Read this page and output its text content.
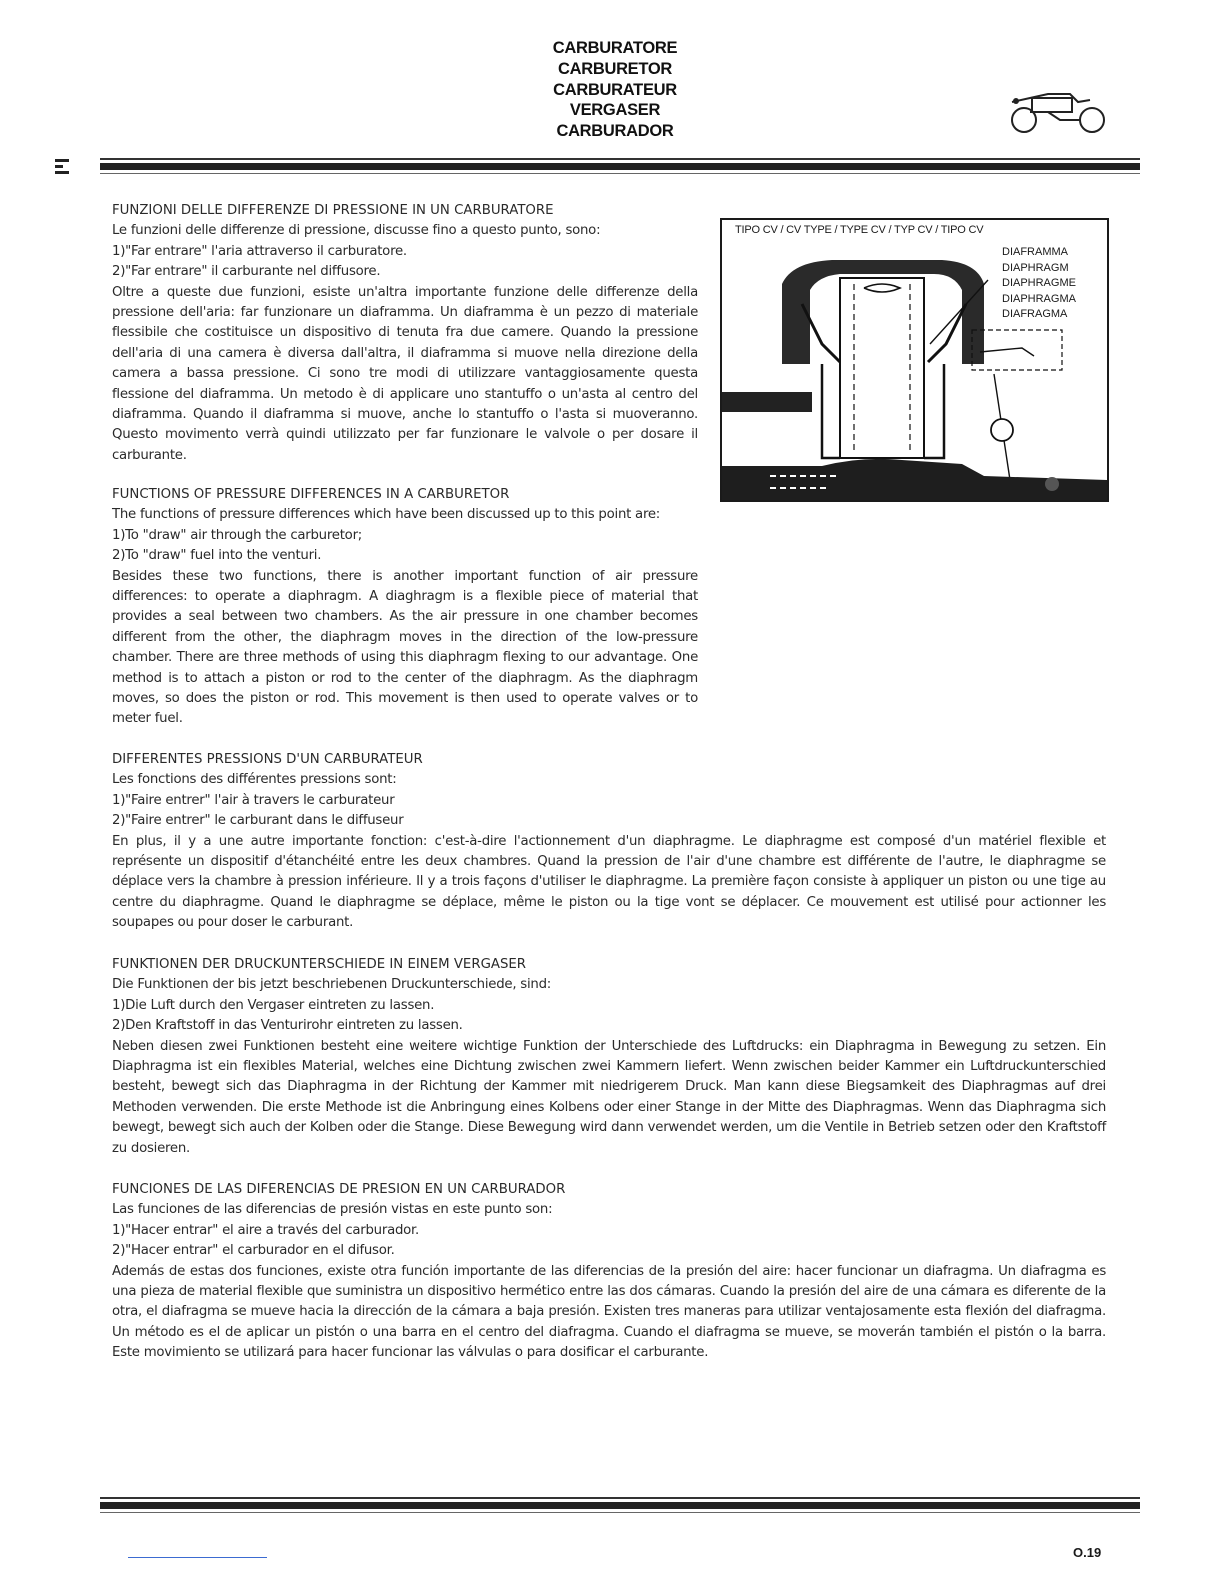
CARBURATORE
CARBURETOR
CARBURATEUR
VERGASER
CARBURADOR
FUNZIONI DELLE DIFFERENZE DI PRESSIONE IN UN CARBURATORE
Le funzioni delle differenze di pressione, discusse fino a questo punto, sono:
1)"Far entrare" l'aria attraverso il carburatore.
2)"Far entrare" il carburante nel diffusore.

Oltre a queste due funzioni, esiste un'altra importante funzione delle differenze della pressione dell'aria: far funzionare un diaframma. Un diaframma è un pezzo di materiale flessibile che costituisce un dispositivo di tenuta fra due camere. Quando la pressione dell'aria di una camera è diversa dall'altra, il diaframma si muove nella direzione della camera a bassa pressione. Ci sono tre modi di utilizzare vantaggiosamente questa flessione del diaframma. Un metodo è di applicare uno stantuffo o un'asta al centro del diaframma. Quando il diaframma si muove, anche lo stantuffo o l'asta si muoveranno. Questo movimento verrà quindi utilizzato per far funzionare le valvole o per dosare il carburante.

TIPO CV / CV TYPE / TYPE CV / TYP CV / TIPO CV
DIAFRAMMA
DIAPHRAGM
DIAPHRAGME
DIAPHRAGMA
DIAFRAGMA
FUNCTIONS OF PRESSURE DIFFERENCES IN A CARBURETOR
The functions of pressure differences which have been discussed up to this point are:
1)To "draw" air through the carburetor;
2)To "draw" fuel into the venturi.

Besides these two functions, there is another important function of air pressure differences: to operate a diaphragm. A diaghragm is a flexible piece of material that provides a seal between two chambers. As the air pressure in one chamber becomes different from the other, the diaphragm moves in the direction of the low-pressure chamber. There are three methods of using this diaphragm flexing to our advantage. One method is to attach a piston or rod to the center of the diaphragm. As the diaphragm moves, so does the piston or rod. This movement is then used to operate valves or to meter fuel.

DIFFERENTES PRESSIONS D'UN CARBURATEUR
Les fonctions des différentes pressions sont:
1)"Faire entrer" l'air à travers le carburateur
2)"Faire entrer" le carburant dans le diffuseur

En plus, il y a une autre importante fonction: c'est-à-dire l'actionnement d'un diaphragme. Le diaphragme est composé d'un matériel flexible et représente un dispositif d'étanchéité entre les deux chambres. Quand la pression de l'air d'une chambre est différente de l'autre, le diaphragme se déplace vers la chambre à pression inférieure. Il y a trois façons d'utiliser le diaphragme. La première façon consiste à appliquer un piston ou une tige au centre du diaphragme. Quand le diaphragme se déplace, même le piston ou la tige vont se déplacer. Ce mouvement est utilisé pour actionner les soupapes ou pour doser le carburant.

FUNKTIONEN DER DRUCKUNTERSCHIEDE IN EINEM VERGASER
Die Funktionen der bis jetzt beschriebenen Druckunterschiede, sind:
1)Die Luft durch den Vergaser eintreten zu lassen.
2)Den Kraftstoff in das Venturirohr eintreten zu lassen.

Neben diesen zwei Funktionen besteht eine weitere wichtige Funktion der Unterschiede des Luftdrucks: ein Diaphragma in Bewegung zu setzen. Ein Diaphragma ist ein flexibles Material, welches eine Dichtung zwischen zwei Kammern liefert. Wenn zwischen beider Kammer ein Luftdruckunterschied besteht, bewegt sich das Diaphragma in der Richtung der Kammer mit niedrigerem Druck. Man kann diese Biegsamkeit des Diaphragmas auf drei Methoden verwenden. Die erste Methode ist die Anbringung eines Kolbens oder einer Stange in der Mitte des Diaphragmas. Wenn das Diaphragma sich bewegt, bewegt sich auch der Kolben oder die Stange. Diese Bewegung wird dann verwendet werden, um die Ventile in Betrieb setzen oder den Kraftstoff zu dosieren.

FUNCIONES DE LAS DIFERENCIAS DE PRESION EN UN CARBURADOR
Las funciones de las diferencias de presión vistas en este punto son:
1)"Hacer entrar" el aire a través del carburador.
2)"Hacer entrar" el carburador en el difusor.

Además de estas dos funciones, existe otra función importante de las diferencias de la presión del aire: hacer funcionar un diafragma. Un diafragma es una pieza de material flexible que suministra un dispositivo hermético entre las dos cámaras. Cuando la presión del aire de una cámara es diferente de la otra, el diafragma se mueve hacia la dirección de la cámara a baja presión. Existen tres maneras para utilizar ventajosamente esta flexión del diafragma. Un método es el de aplicar un pistón o una barra en el centro del diafragma. Cuando el diafragma se mueve, se moverán también el pistón o la barra. Este movimiento se utilizará para hacer funcionar las válvulas o para dosificar el carburante.

O.19
